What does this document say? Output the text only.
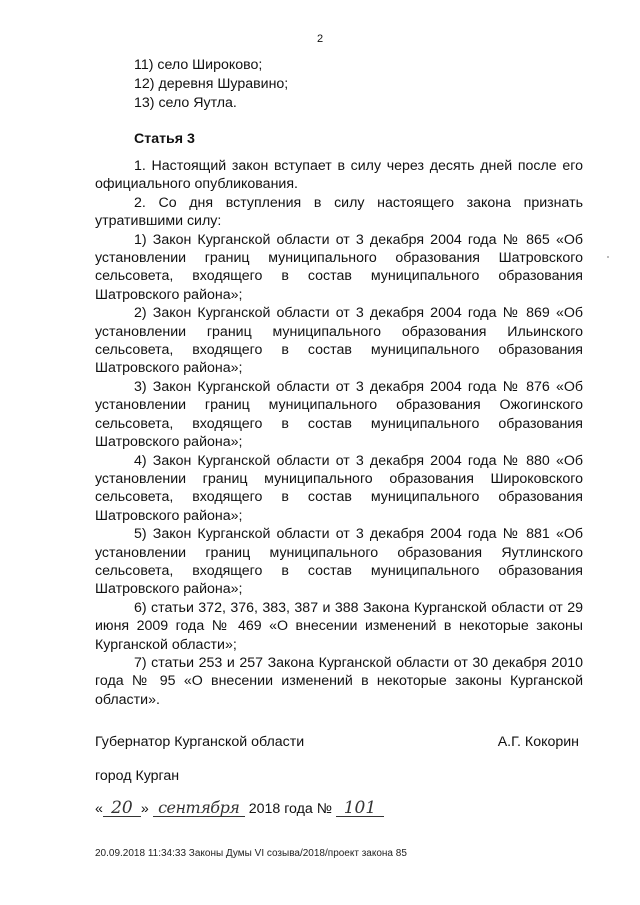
2
11) село Широково;
12) деревня Шуравино;
13) село Яутла.
Статья 3

1. Настоящий закон вступает в силу через десять дней после его официального опубликования.

2. Со дня вступления в силу настоящего закона признать утратившими силу:

1) Закон Курганской области от 3 декабря 2004 года № 865 «Об установлении границ муниципального образования Шатровского сельсовета, входящего в состав муниципального образования Шатровского района»;

2) Закон Курганской области от 3 декабря 2004 года № 869 «Об установлении границ муниципального образования Ильинского сельсовета, входящего в состав муниципального образования Шатровского района»;

3) Закон Курганской области от 3 декабря 2004 года № 876 «Об установлении границ муниципального образования Ожогинского сельсовета, входящего в состав муниципального образования Шатровского района»;

4) Закон Курганской области от 3 декабря 2004 года № 880 «Об установлении границ муниципального образования Широковского сельсовета, входящего в состав муниципального образования Шатровского района»;

5) Закон Курганской области от 3 декабря 2004 года № 881 «Об установлении границ муниципального образования Яутлинского сельсовета, входящего в состав муниципального образования Шатровского района»;

6) статьи 372, 376, 383, 387 и 388 Закона Курганской области от 29 июня 2009 года № 469 «О внесении изменений в некоторые законы Курганской области»;

7) статьи 253 и 257 Закона Курганской области от 30 декабря 2010 года № 95 «О внесении изменений в некоторые законы Курганской области».

Губернатор Курганской области	А.Г. Кокорин
город Курган
« 20 » сентября 2018 года № 101
20.09.2018 11:34:33 Законы Думы VI созыва/2018/проект закона 85
